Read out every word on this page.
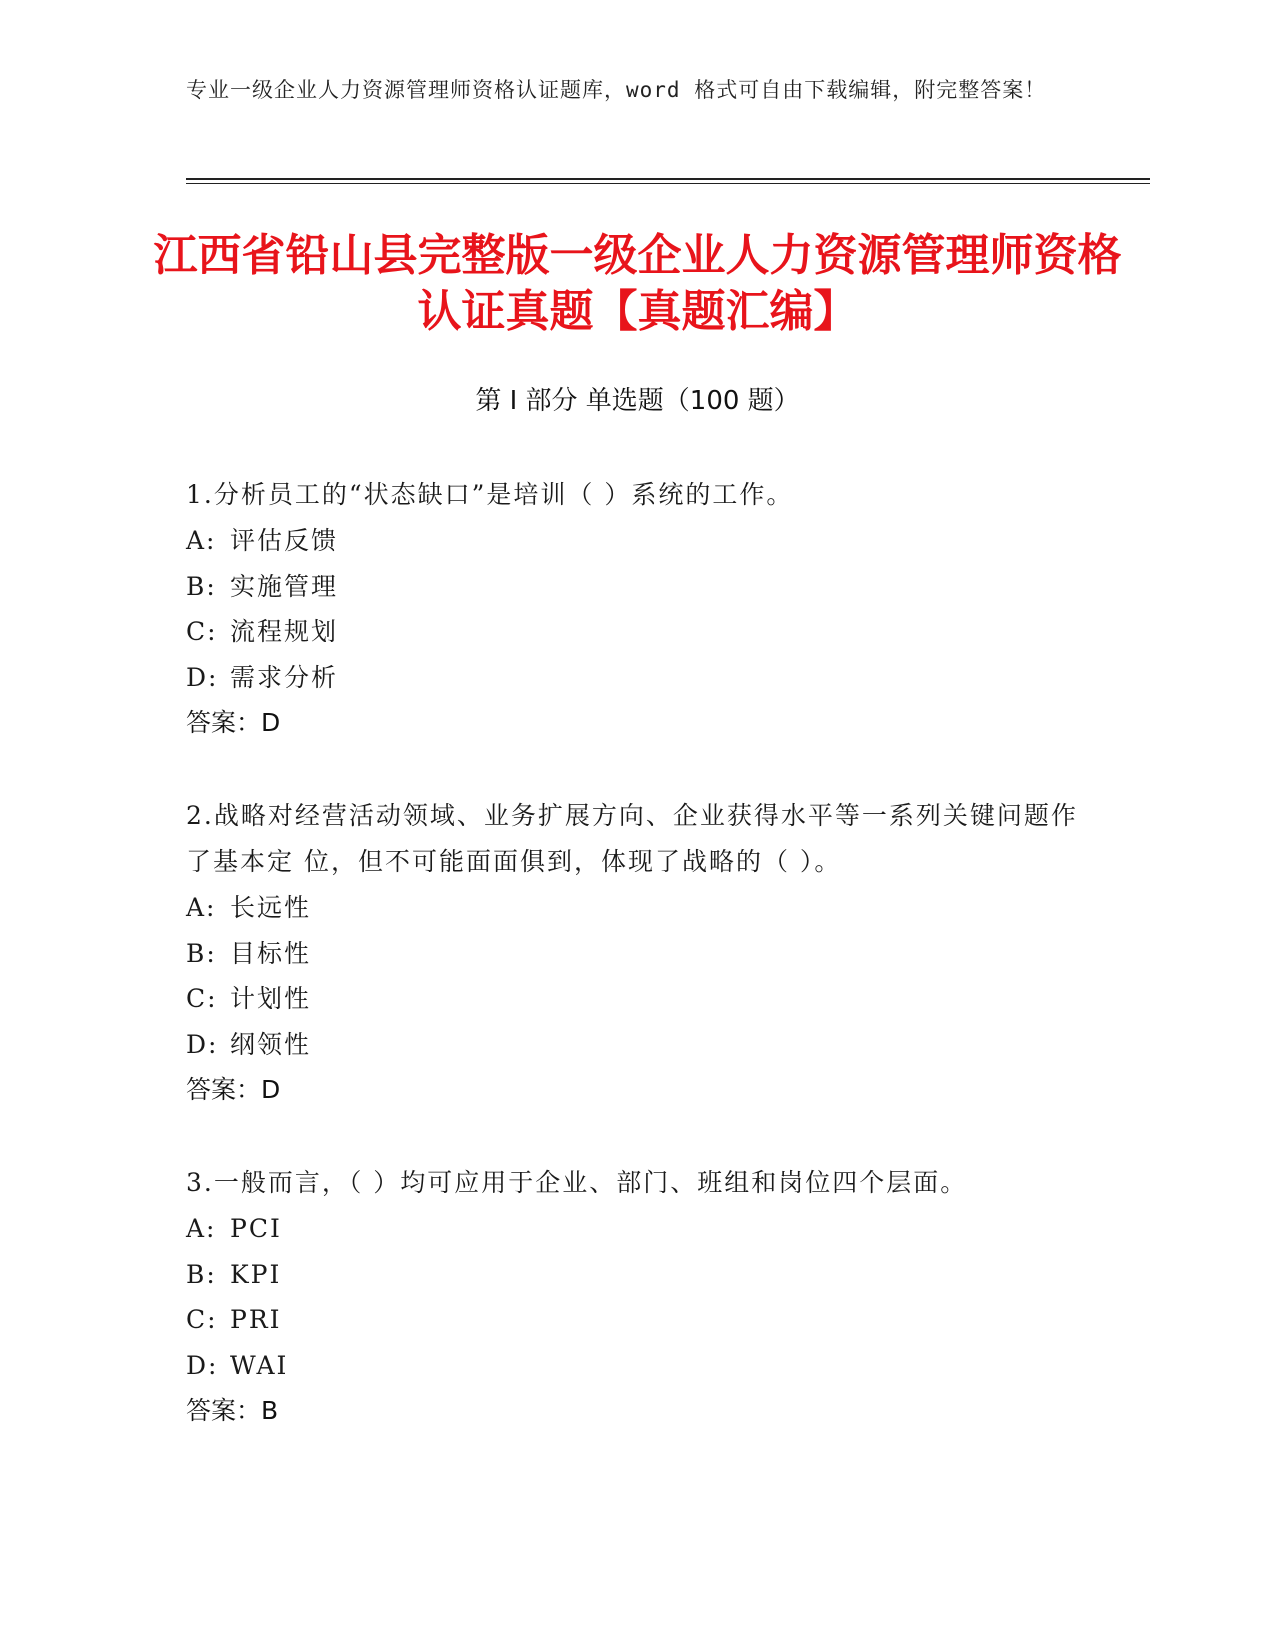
专业一级企业人力资源管理师资格认证题库，word 格式可自由下载编辑，附完整答案！
江西省铅山县完整版一级企业人力资源管理师资格认证真题【真题汇编】
第 I 部分 单选题（100 题）

1.分析员工的“状态缺口”是培训（ ）系统的工作。

A: 评估反馈

B: 实施管理

C: 流程规划

D: 需求分析

答案：D

2.战略对经营活动领域、业务扩展方向、企业获得水平等一系列关键问题作了基本定 位，但不可能面面俱到，体现了战略的（ ）。

A: 长远性

B: 目标性

C: 计划性

D: 纲领性

答案：D

3.一般而言，（ ）均可应用于企业、部门、班组和岗位四个层面。

A: PCI

B: KPI

C: PRI

D: WAI

答案：B
